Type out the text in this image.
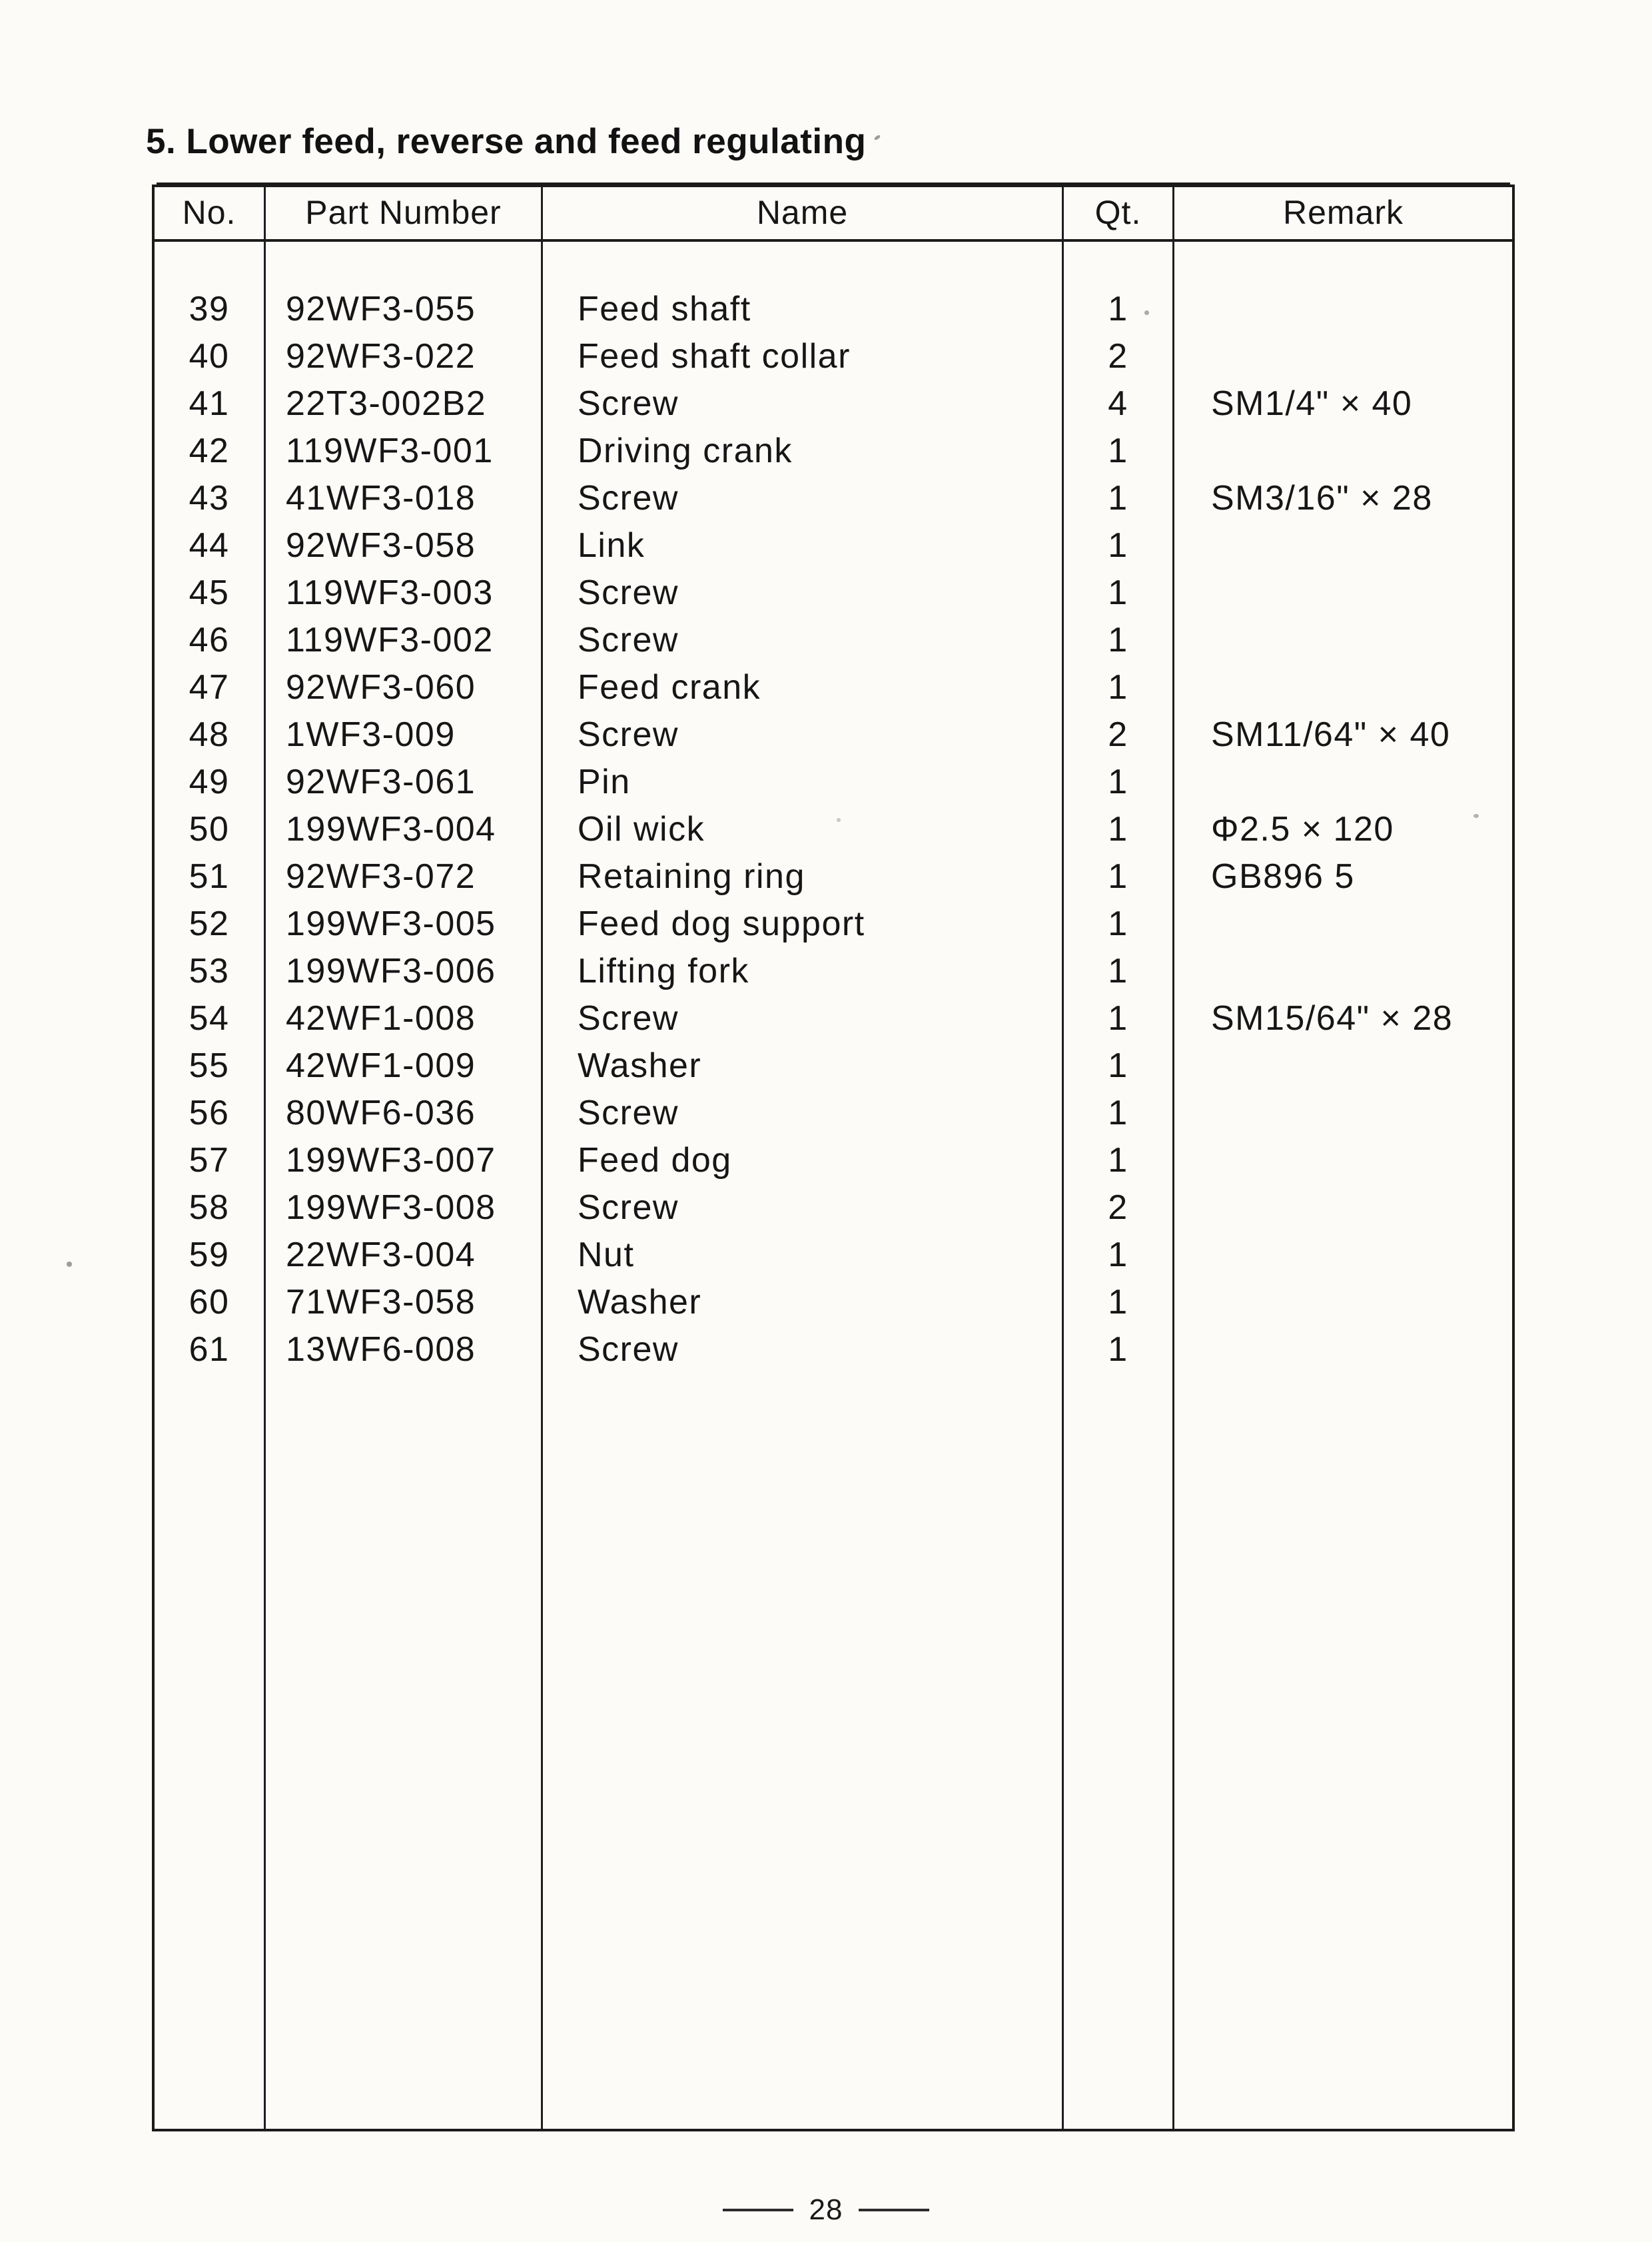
5. Lower feed, reverse and feed regulating
No.	Part Number	Name	Qt.	Remark
39	92WF3-055	Feed shaft	1
40	92WF3-022	Feed shaft collar	2
41	22T3-002B2	Screw	4	SM1/4" × 40
42	119WF3-001	Driving crank	1
43	41WF3-018	Screw	1	SM3/16" × 28
44	92WF3-058	Link	1
45	119WF3-003	Screw	1
46	119WF3-002	Screw	1
47	92WF3-060	Feed crank	1
48	1WF3-009	Screw	2	SM11/64" × 40
49	92WF3-061	Pin	1
50	199WF3-004	Oil wick	1	Φ2.5 × 120
51	92WF3-072	Retaining ring	1	GB896 5
52	199WF3-005	Feed dog support	1
53	199WF3-006	Lifting fork	1
54	42WF1-008	Screw	1	SM15/64" × 28
55	42WF1-009	Washer	1
56	80WF6-036	Screw	1
57	199WF3-007	Feed dog	1
58	199WF3-008	Screw	2
59	22WF3-004	Nut	1
60	71WF3-058	Washer	1
61	13WF6-008	Screw	1
28
